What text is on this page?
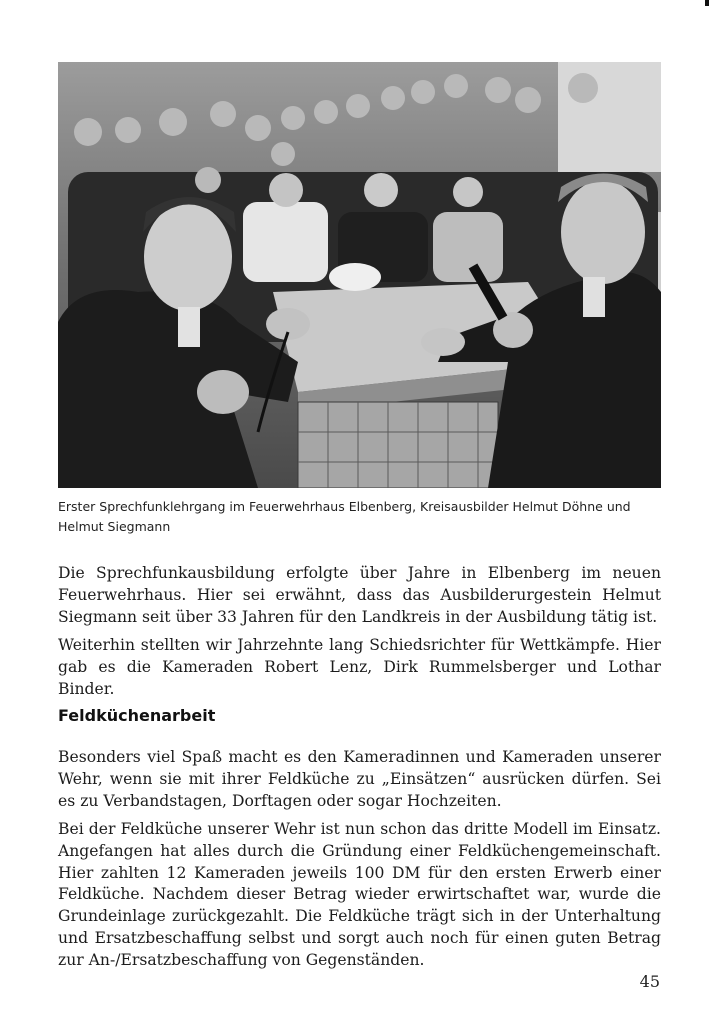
Erster Sprechfunklehrgang im Feuerwehrhaus Elbenberg, Kreisausbilder Helmut Döhne und Helmut Siegmann

Die Sprechfunkausbildung erfolgte über Jahre in Elbenberg im neuen Feuerwehrhaus. Hier sei erwähnt, dass das Ausbilderurgestein Helmut Siegmann seit über 33 Jahren für den Landkreis in der Ausbildung tätig ist.

Weiterhin stellten wir Jahrzehnte lang Schiedsrichter für Wettkämpfe. Hier gab es die Kameraden Robert Lenz, Dirk Rummelsberger und Lothar Binder.

Feldküchenarbeit

Besonders viel Spaß macht es den Kameradinnen und Kameraden unserer Wehr, wenn sie mit ihrer Feldküche zu „Einsätzen“ ausrücken dürfen. Sei es zu Verbandstagen, Dorftagen oder sogar Hochzeiten.

Bei der Feldküche unserer Wehr ist nun schon das dritte Modell im Einsatz. Angefangen hat alles durch die Gründung einer Feldküchengemeinschaft. Hier zahlten 12 Kameraden jeweils 100 DM für den ersten Erwerb einer Feldküche. Nachdem dieser Betrag wieder erwirtschaftet war, wurde die Grundeinlage zurückgezahlt. Die Feldküche trägt sich in der Unterhaltung und Ersatzbeschaffung selbst und sorgt auch noch für einen guten Betrag zur An-/Ersatzbeschaffung von Gegenständen.

45
